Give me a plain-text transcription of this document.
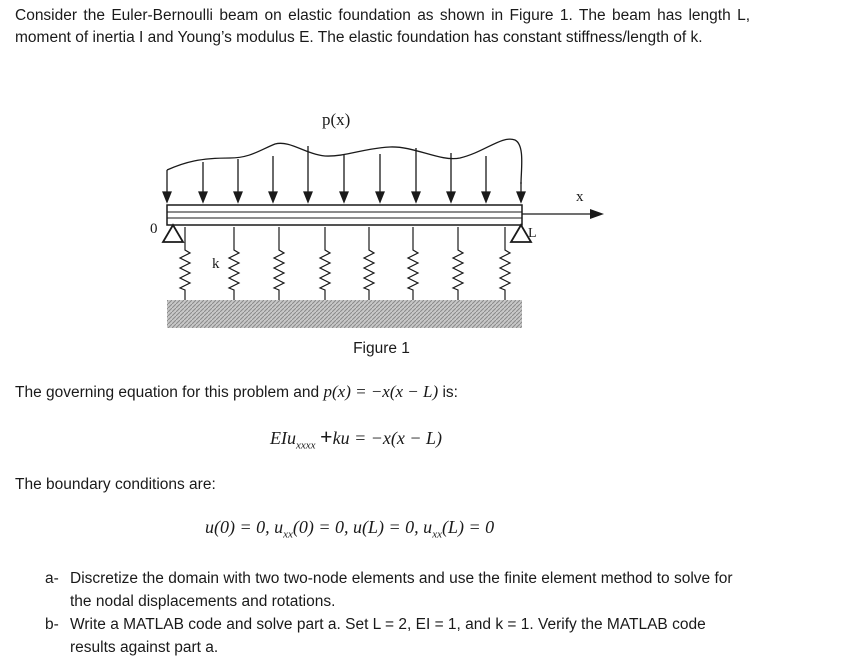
Consider the Euler-Bernoulli beam on elastic foundation as shown in Figure 1. The beam has length L, moment of inertia I and Young’s modulus E. The elastic foundation has constant stiffness/length of k.
p(x)
x
0	L
k
Figure 1
The governing equation for this problem and p(x) = −x(x − L) is:
EIu$_{xxxx}$ +ku = −x(x − L)
The boundary conditions are:
u(0) = 0, $u_{xx}(0) = 0$, u(L) = 0, $u_{xx}(L) = 0$
a- Discretize the domain with two two-node elements and use the finite element method to solve for the nodal displacements and rotations.
b- Write a MATLAB code and solve part a. Set L = 2, EI = 1, and k = 1. Verify the MATLAB code results against part a.
